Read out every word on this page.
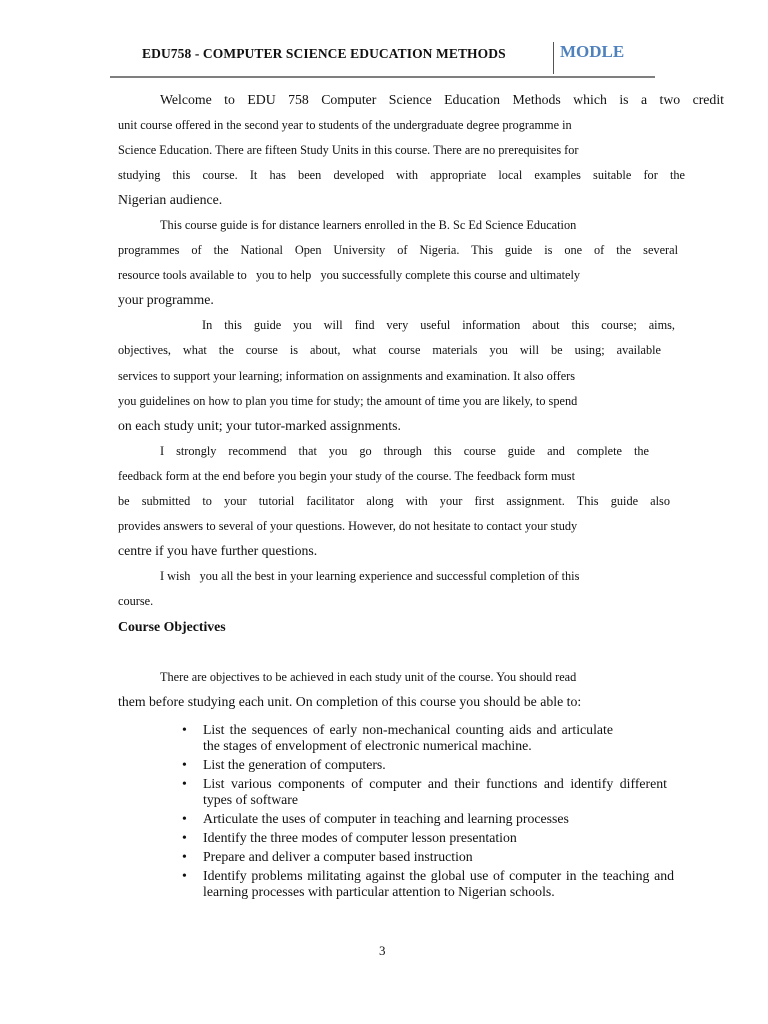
EDU758 - COMPUTER SCIENCE EDUCATION METHODS	MODLE
Welcome to EDU 758 Computer Science Education Methods which is a two credit
unit course offered in the second year to students of the undergraduate degree programme in
Science Education. There are fifteen Study Units in this course. There are no prerequisites for
studying this course. It has been developed with appropriate local examples suitable for the
Nigerian audience.
This course guide is for distance learners enrolled in the B. Sc Ed Science Education
programmes of the National Open University of Nigeria. This guide is one of the several
resource tools available to   you to help   you successfully complete this course and ultimately
your programme.
In this guide you will find very useful information about this course; aims,
objectives, what the course is about, what course materials you will be using; available
services to support your learning; information on assignments and examination. It also offers
you guidelines on how to plan you time for study; the amount of time you are likely, to spend
on each study unit; your tutor-marked assignments.
I strongly recommend that you go through this course guide and complete the
feedback form at the end before you begin your study of the course. The feedback form must
be submitted to your tutorial facilitator along with your first assignment. This guide also
provides answers to several of your questions. However, do not hesitate to contact your study
centre if you have further questions.
I wish   you all the best in your learning experience and successful completion of this
course.
Course Objectives
There are objectives to be achieved in each study unit of the course. You should read
them before studying each unit. On completion of this course you should be able to:
• List the sequences of early non-mechanical counting aids and articulate the stages of envelopment of electronic numerical machine.
• List the generation of computers.
• List various components of computer and their functions and identify different types of software
• Articulate the uses of computer in teaching and learning processes
• Identify the three modes of computer lesson presentation
• Prepare and deliver a computer based instruction
• Identify problems militating against the global use of computer in the teaching and learning processes with particular attention to Nigerian schools.
3
